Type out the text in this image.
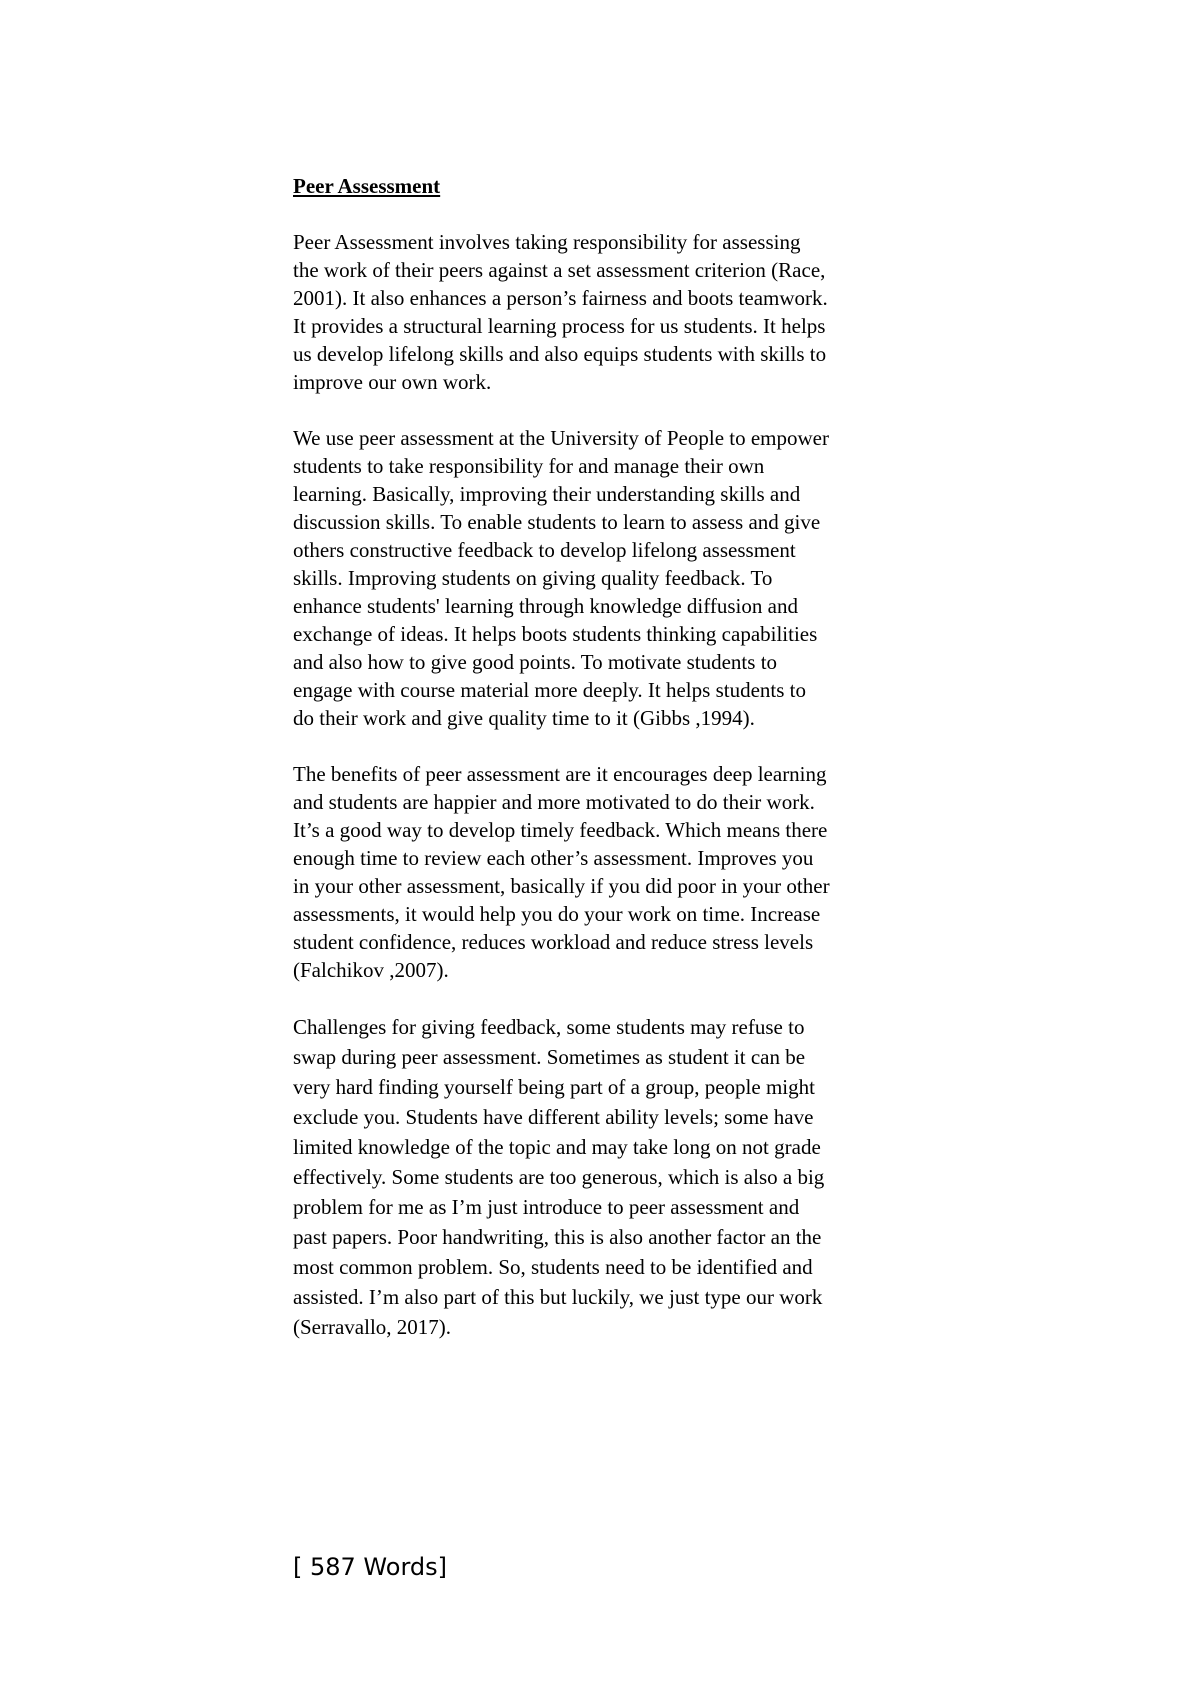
Peer Assessment
Peer Assessment involves taking responsibility for assessing
the work of their peers against a set assessment criterion (Race,
2001). It also enhances a person’s fairness and boots teamwork.
It provides a structural learning process for us students. It helps
us develop lifelong skills and also equips students with skills to
improve our own work.
We use peer assessment at the University of People to empower
students to take responsibility for and manage their own
learning. Basically, improving their understanding skills and
discussion skills. To enable students to learn to assess and give
others constructive feedback to develop lifelong assessment
skills. Improving students on giving quality feedback. To
enhance students' learning through knowledge diffusion and
exchange of ideas. It helps boots students thinking capabilities
and also how to give good points. To motivate students to
engage with course material more deeply. It helps students to
do their work and give quality time to it (Gibbs ,1994).
The benefits of peer assessment are it encourages deep learning
and students are happier and more motivated to do their work.
It’s a good way to develop timely feedback. Which means there
enough time to review each other’s assessment. Improves you
in your other assessment, basically if you did poor in your other
assessments, it would help you do your work on time. Increase
student confidence, reduces workload and reduce stress levels
(Falchikov ,2007).
Challenges for giving feedback, some students may refuse to
swap during peer assessment. Sometimes as student it can be
very hard finding yourself being part of a group, people might
exclude you. Students have different ability levels; some have
limited knowledge of the topic and may take long on not grade
effectively. Some students are too generous, which is also a big
problem for me as I’m just introduce to peer assessment and
past papers. Poor handwriting, this is also another factor an the
most common problem. So, students need to be identified and
assisted. I’m also part of this but luckily, we just type our work
(Serravallo, 2017).
[ 587 Words]
